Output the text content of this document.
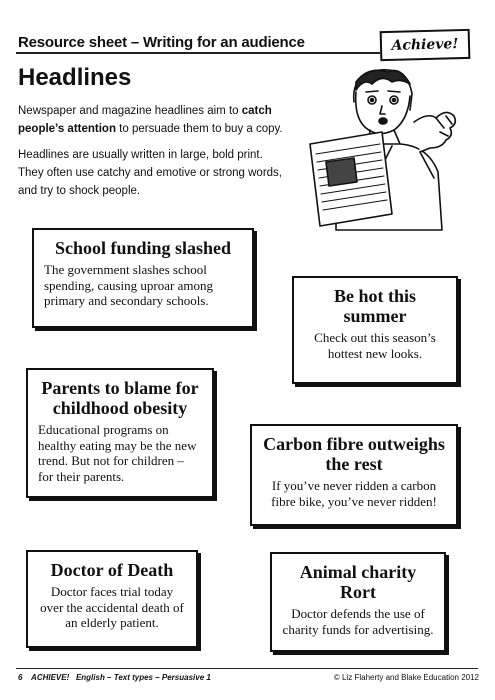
Resource sheet – Writing for an audience	Achieve!
Headlines

Newspaper and magazine headlines aim to catch people’s attention to persuade them to buy a copy.

Headlines are usually written in large, bold print. They often use catchy and emotive or strong words, and try to shock people.

School funding slashed

The government slashes school spending, causing uproar among primary and secondary schools.	Be hot this summer

Check out this season’s hottest new looks.

Parents to blame for childhood obesity

Educational programs on healthy eating may be the new trend. But not for children – for their parents.

Carbon fibre outweighs the rest

If you’ve never ridden a carbon fibre bike, you’ve never ridden!

Doctor of Death

Doctor faces trial today over the accidental death of an elderly patient.

Animal charity Rort

Doctor defends the use of charity funds for advertising.

6    ACHIEVE!   English – Text types – Persuasive 1	© Liz Flaherty and Blake Education 2012
